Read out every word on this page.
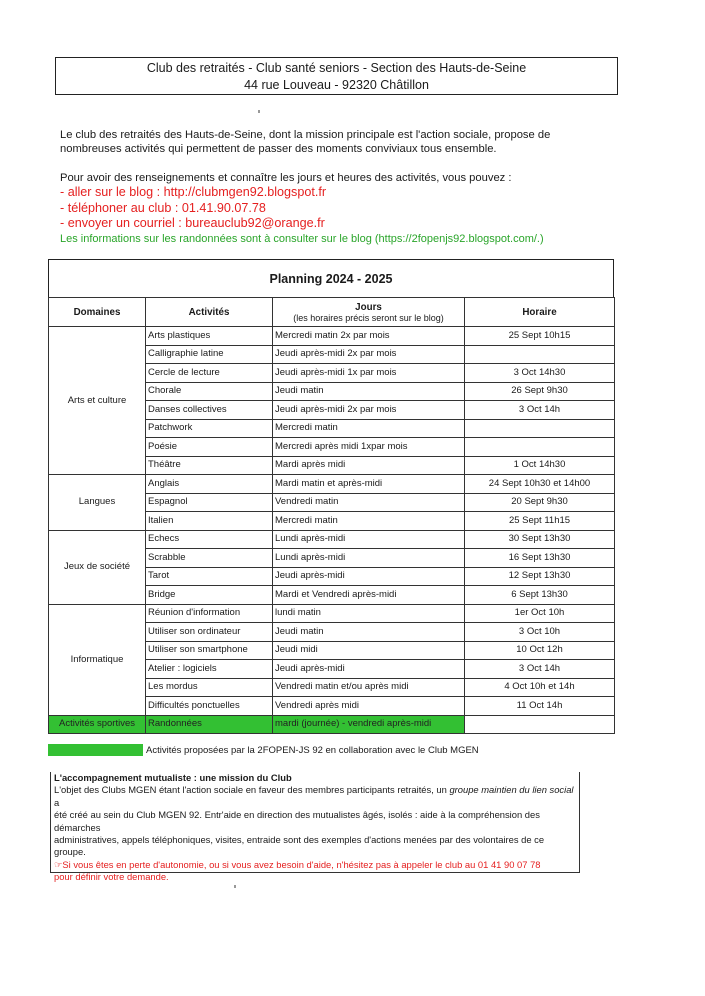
Club des retraités - Club santé seniors - Section des Hauts-de-Seine
44 rue Louveau - 92320 Châtillon
Le club des retraités des Hauts-de-Seine, dont la mission principale est l'action sociale, propose de
nombreuses activités qui permettent de passer des moments conviviaux tous ensemble.
Pour avoir des renseignements et connaître les jours et heures des activités, vous pouvez :
- aller sur le blog : http://clubmgen92.blogspot.fr
- téléphoner au club : 01.41.90.07.78
- envoyer un courriel : bureauclub92@orange.fr
Les informations sur les randonnées sont à consulter sur le blog (https://2fopenjs92.blogspot.com/.)
Planning 2024 - 2025
Domaines	Activités	Jours
(les horaires précis seront sur le blog)	Horaire
Arts et culture	Arts plastiques	Mercredi matin 2x par mois	25 Sept 10h15
	Calligraphie latine	Jeudi après-midi 2x par mois	
	Cercle de lecture	Jeudi après-midi 1x par mois	3 Oct 14h30
	Chorale	Jeudi matin	26 Sept 9h30
	Danses collectives	Jeudi après-midi 2x par mois	3 Oct 14h
	Patchwork	Mercredi matin	
	Poésie	Mercredi après midi 1xpar mois	
	Théâtre	Mardi après midi	1 Oct 14h30
Langues	Anglais	Mardi matin et après-midi	24 Sept 10h30 et 14h00
	Espagnol	Vendredi matin	20 Sept 9h30
	Italien	Mercredi matin	25 Sept 11h15
Jeux de société	Echecs	Lundi après-midi	30 Sept 13h30
	Scrabble	Lundi après-midi	16 Sept 13h30
	Tarot	Jeudi après-midi	12 Sept 13h30
	Bridge	Mardi et Vendredi après-midi	6 Sept 13h30
Informatique	Réunion d'information	lundi matin	1er Oct 10h
	Utiliser son ordinateur	Jeudi matin	3 Oct 10h
	Utiliser son smartphone	Jeudi midi	10 Oct 12h
	Atelier : logiciels	Jeudi après-midi	3 Oct 14h
	Les mordus	Vendredi matin et/ou après midi	4 Oct 10h et 14h
	Difficultés ponctuelles	Vendredi après midi	11 Oct 14h
Activités sportives	Randonnées	mardi (journée) - vendredi après-midi	
Activités proposées par la 2FOPEN-JS 92 en collaboration avec le Club MGEN
L'accompagnement mutualiste : une mission du Club
L'objet des Clubs MGEN étant l'action sociale en faveur des membres participants retraités, un groupe maintien du lien social a
été créé au sein du Club MGEN 92. Entr'aide en direction des mutualistes âgés, isolés : aide à la compréhension des démarches
administratives, appels téléphoniques, visites, entraide sont des exemples d'actions menées par des volontaires de ce groupe.
☞Si vous êtes en perte d'autonomie, ou si vous avez besoin d'aide, n'hésitez pas à appeler le club au 01 41 90 07 78
pour définir votre demande.
